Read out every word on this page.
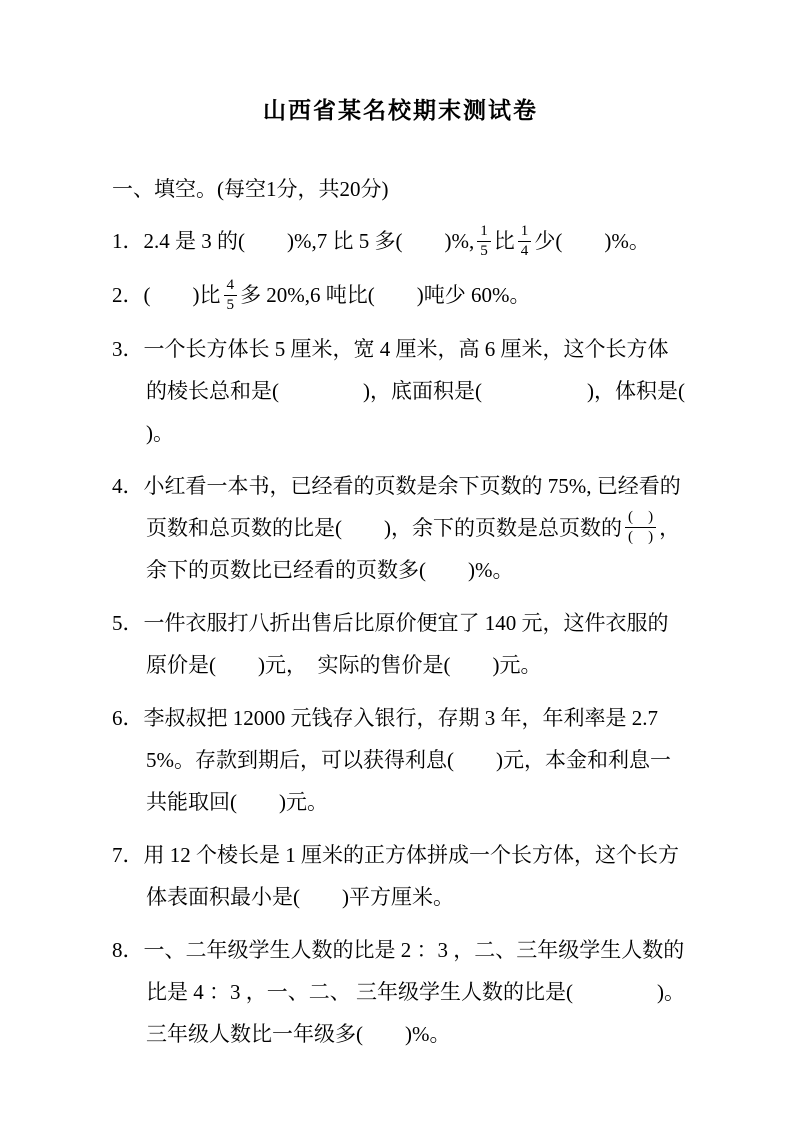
山西省某名校期末测试卷
一、填空。(每空1分，共20分)
1．2.4 是 3 的(　　)%,7 比 5 多(　　)%, $\frac{1}{5}$ 比 $\frac{1}{4}$ 少(　　)%。
2．(　　)比 $\frac{4}{5}$ 多 20%,6 吨比(　　)吨少 60%。
3．一个长方体长 5 厘米，宽 4 厘米，高 6 厘米，这个长方体的棱长总和是(　　　　)，底面积是(　　　　　)，体积是(　　　)。
4．小红看一本书，已经看的页数是余下页数的 75%, 已经看的页数和总页数的比是(　　)，余下的页数是总页数的 $\frac{( )}{( )}$ ，余下的页数比已经看的页数多(　　)%。
5．一件衣服打八折出售后比原价便宜了 140 元，这件衣服的原价是(　　)元，　实际的售价是(　　)元。
6．李叔叔把 12000 元钱存入银行，存期 3 年，年利率是 2.75%。存款到期后，可以获得利息(　　)元，本金和利息一共能取回(　　)元。
7．用 12 个棱长是 1 厘米的正方体拼成一个长方体，这个长方体表面积最小是(　　)平方厘米。
8．一、二年级学生人数的比是 2 ：3 ，二、三年级学生人数的比是 4 ：3 ，一、二、 三年级学生人数的比是(　　　　)。三年级人数比一年级多(　　)%。
